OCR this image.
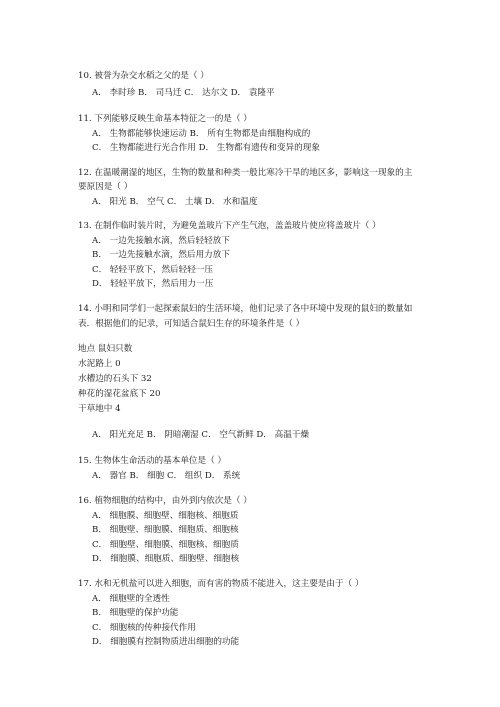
10. 被誉为杂交水稻之父的是（ ）
A． 李时珍 B． 司马迁 C． 达尔文 D． 袁隆平
11. 下列能够反映生命基本特征之一的是（ ）
A． 生物都能够快速运动 B． 所有生物都是由细胞构成的
C． 生物都能进行光合作用 D． 生物都有遗传和变异的现象
12. 在温暖潮湿的地区，生物的数量和种类一般比寒冷干旱的地区多，影响这一现象的主
要原因是（ ）
A． 阳光 B． 空气 C． 土壤 D． 水和温度
13. 在制作临时装片时，为避免盖玻片下产生气泡，盖盖玻片使应将盖玻片（ ）
A． 一边先接触水滴，然后轻轻放下
B． 一边先接触水滴，然后用力放下
C． 轻轻平放下，然后轻轻一压
D． 轻轻平放下，然后用力一压
14. 小明和同学们一起探索鼠妇的生活环境，他们记录了各中环境中发现的鼠妇的数量如
表．根据他们的记录，可知适合鼠妇生存的环境条件是（ ）
地点 鼠妇只数
水泥路上 0
水槽边的石头下 32
种花的湿花盆底下 20
干草地中 4
A． 阳光充足 B． 阴暗潮湿 C． 空气新鲜 D． 高温干燥
15. 生物体生命活动的基本单位是（ ）
A． 器官 B． 细胞 C． 组织 D． 系统
16. 植物细胞的结构中，由外到内依次是（ ）
A． 细胞膜、细胞壁、细胞核、细胞质
B． 细胞壁、细胞膜、细胞质、细胞核
C． 细胞壁、细胞膜、细胞核、细胞质
D． 细胞膜、细胞质、细胞壁、细胞核
17. 水和无机盐可以进入细胞，而有害的物质不能进入，这主要是由于（ ）
A． 细胞壁的全透性
B． 细胞壁的保护功能
C． 细胞核的传种接代作用
D． 细胞膜有控制物质进出细胞的功能
